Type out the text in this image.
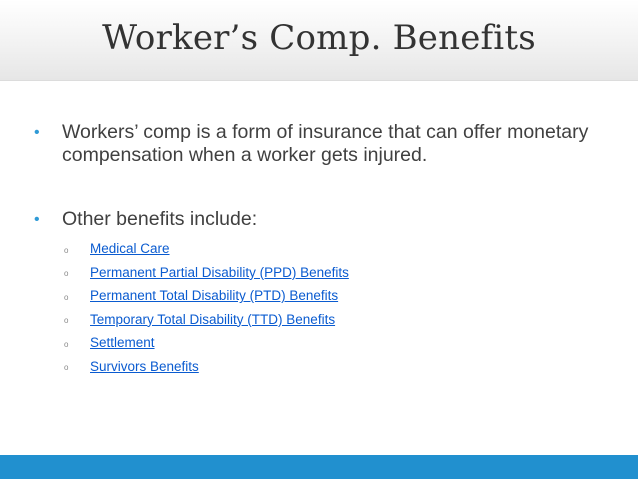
Worker’s Comp. Benefits
•	Workers’ comp is a form of insurance that can offer monetary compensation when a worker gets injured.
•	Other benefits include:
o	Medical Care
o	Permanent Partial Disability (PPD) Benefits
o	Permanent Total Disability (PTD) Benefits
o	Temporary Total Disability (TTD) Benefits
o	Settlement
o	Survivors Benefits
